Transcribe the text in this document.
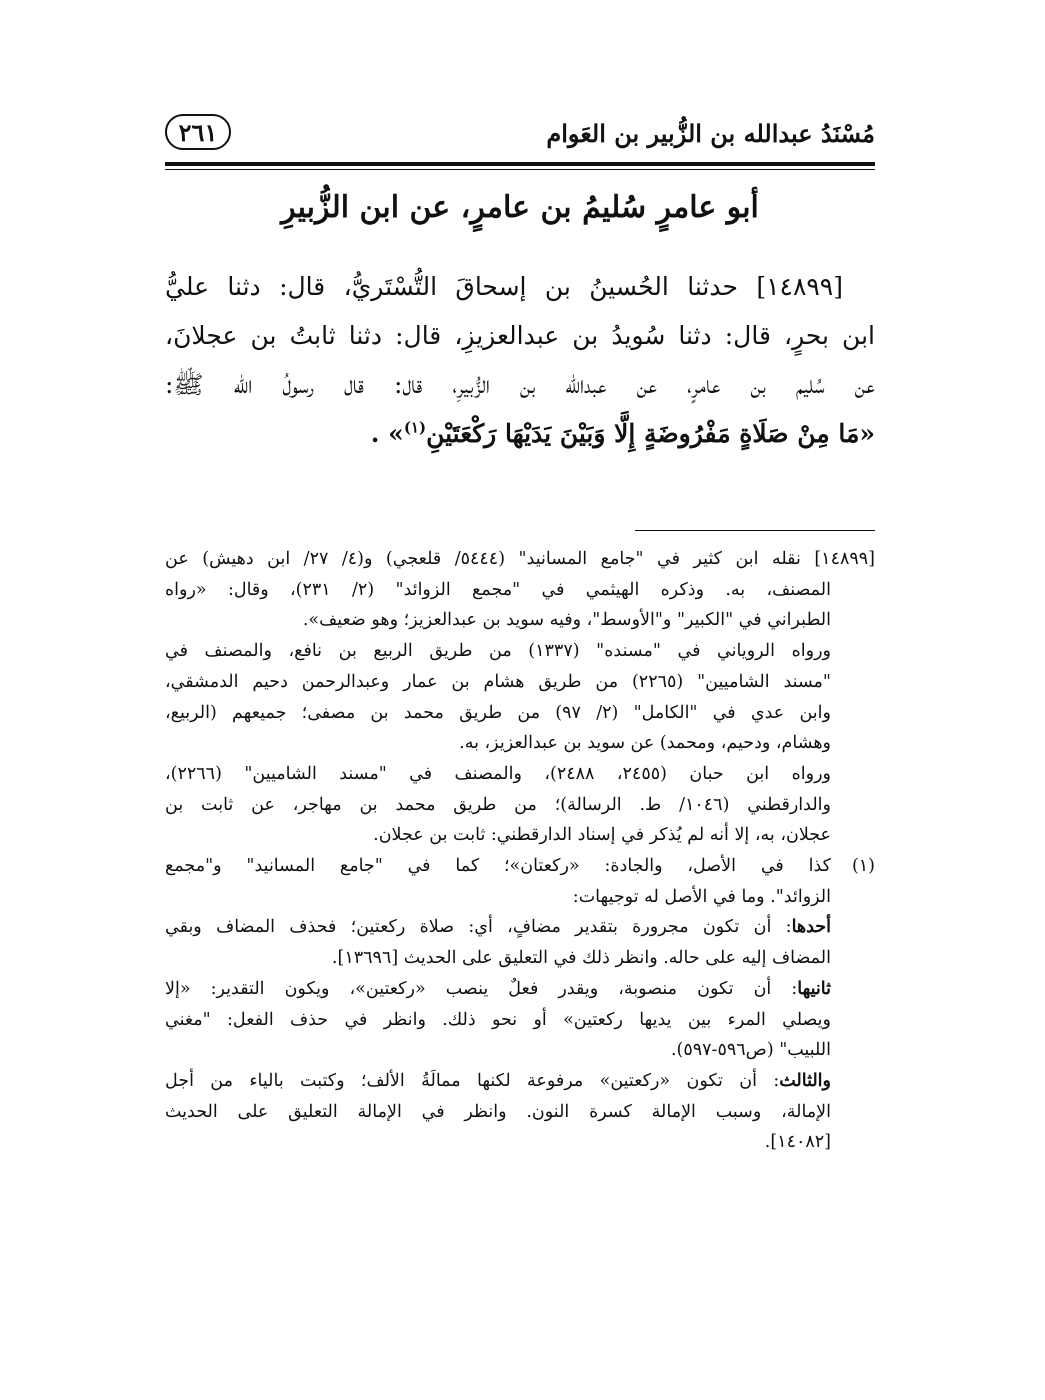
مُسْنَدُ عبدالله بن الزُّبير بن العَوام
٢٦١
أبو عامرٍ سُليمُ بن عامرٍ، عن ابن الزُّبيرِ
[١٤٨٩٩] حدثنا الحُسينُ بن إسحاقَ التُّسْتَريُّ، قال: دثنا عليُّ
ابن بحرٍ، قال: دثنا سُويدُ بن عبدالعزيزِ، قال: دثنا ثابتُ بن عجلانَ،
عن سُليم بن عامرٍ، عن عبدالله بن الزُّبيرِ، قال: قال رسولُ الله ﷺ:
«مَا مِنْ صَلَاةٍ مَفْرُوضَةٍ إِلَّا وَبَيْنَ يَدَيْهَا رَكْعَتَيْنِ$^{(١)}$» .
[١٤٨٩٩] نقله ابن كثير في "جامع المسانيد" (٥٤٤٤/ قلعجي) و(٤/ ٢٧/ ابن دهيش) عن
المصنف، به. وذكره الهيثمي في "مجمع الزوائد" (٢/ ٢٣١)، وقال: «رواه
الطبراني في "الكبير" و"الأوسط"، وفيه سويد بن عبدالعزيز؛ وهو ضعيف».
ورواه الروياني في "مسنده" (١٣٣٧) من طريق الربيع بن نافع، والمصنف في
"مسند الشاميين" (٢٢٦٥) من طريق هشام بن عمار وعبدالرحمن دحيم الدمشقي،
وابن عدي في "الكامل" (٢/ ٩٧) من طريق محمد بن مصفى؛ جميعهم (الربيع،
وهشام، ودحيم، ومحمد) عن سويد بن عبدالعزيز، به.
ورواه ابن حبان (٢٤٥٥، ٢٤٨٨)، والمصنف في "مسند الشاميين" (٢٢٦٦)،
والدارقطني (١٠٤٦/ ط. الرسالة)؛ من طريق محمد بن مهاجر، عن ثابت بن
عجلان، به، إلا أنه لم يُذكر في إسناد الدارقطني: ثابت بن عجلان.
(١)
كذا في الأصل، والجادة: «ركعتان»؛ كما في "جامع المسانيد" و"مجمع
الزوائد". وما في الأصل له توجيهات:
أحدها: أن تكون مجرورة بتقدير مضافٍ، أي: صلاة ركعتين؛ فحذف المضاف وبقي
المضاف إليه على حاله. وانظر ذلك في التعليق على الحديث [١٣٦٩٦].
ثانيها: أن تكون منصوبة، ويقدر فعلٌ ينصب «ركعتين»، ويكون التقدير: «إلا
ويصلي المرء بين يديها ركعتين» أو نحو ذلك. وانظر في حذف الفعل: "مغني
اللبيب" (ص٥٩٦-٥٩٧).
والثالث: أن تكون «ركعتين» مرفوعة لكنها ممالَةُ الألف؛ وكتبت بالياء من أجل
الإمالة، وسبب الإمالة كسرة النون. وانظر في الإمالة التعليق على الحديث
[١٤٠٨٢].
